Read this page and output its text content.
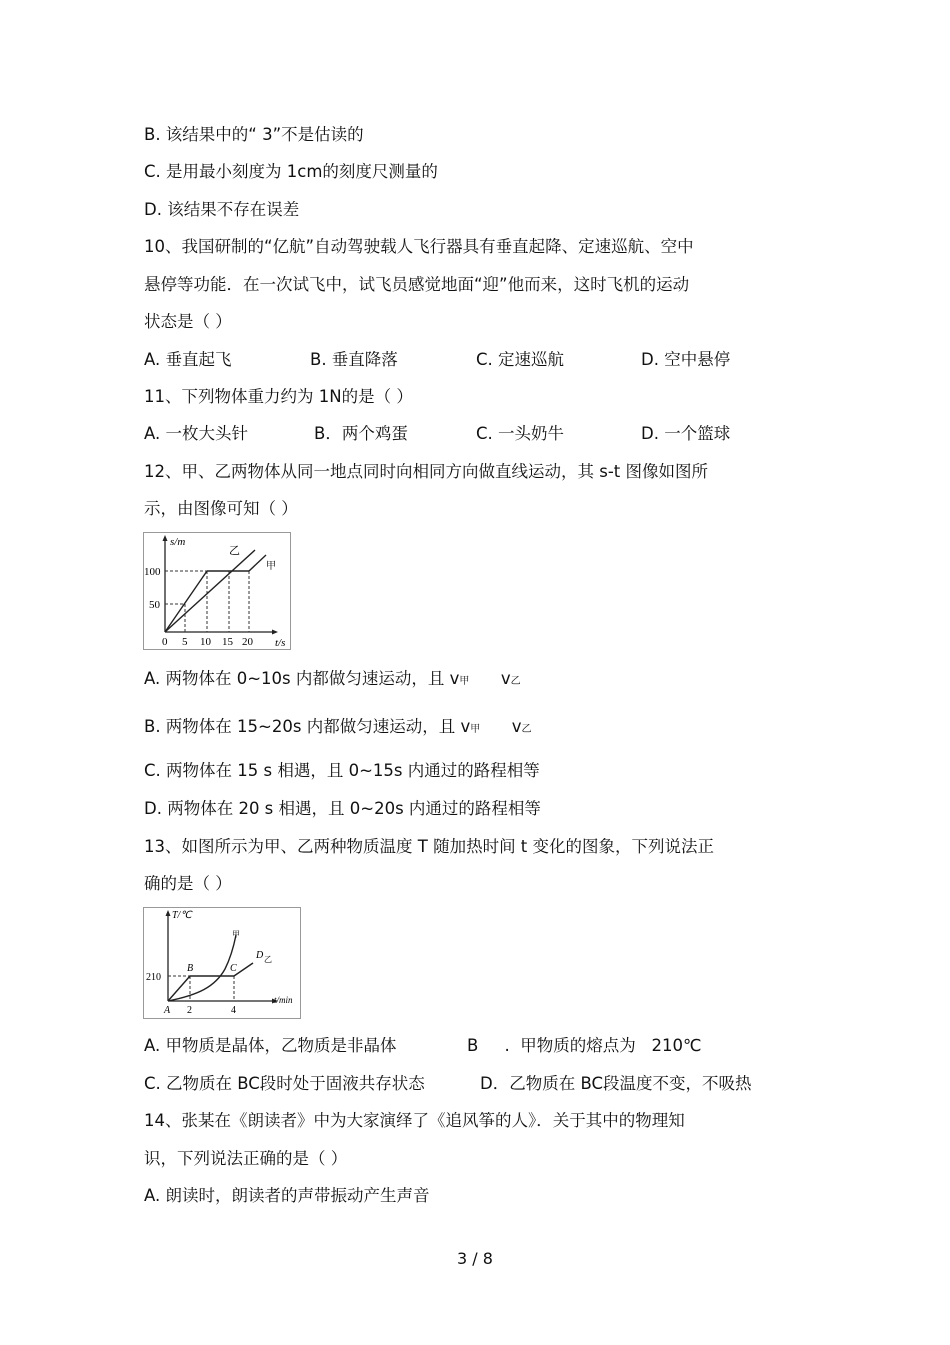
B. 该结果中的“ 3”不是估读的
C. 是用最小刻度为 1cm的刻度尺测量的
D. 该结果不存在误差
10、我国研制的“亿航”自动驾驶载人飞行器具有垂直起降、定速巡航、空中
悬停等功能．在一次试飞中，试飞员感觉地面“迎”他而来，这时飞机的运动
状态是（ ）
A. 垂直起飞	B. 垂直降落	C. 定速巡航	D. 空中悬停
11、下列物体重力约为 1N的是（ ）
A. 一枚大头针	B．两个鸡蛋	C. 一头奶牛	D. 一个篮球
12、甲、乙两物体从同一地点同时向相同方向做直线运动，其 s-t 图像如图所
示，由图像可知（ ）
s/m
t/s
100
50
0 5 10 15 20
乙
甲
A. 两物体在 0~10s 内都做匀速运动，且 v甲      v乙
B. 两物体在 15~20s 内都做匀速运动，且 v甲      v乙
C. 两物体在 15 s 相遇，且 0~15s 内通过的路程相等
D. 两物体在 20 s 相遇，且 0~20s 内通过的路程相等
13、如图所示为甲、乙两种物质温度 T 随加热时间 t 变化的图象，下列说法正
确的是（ ）
T/℃
t/min
210
2	4
A
B	C
D
甲
乙
A. 甲物质是晶体，乙物质是非晶体	B     .  甲物质的熔点为   210℃
C. 乙物质在 BC段时处于固液共存状态	D．乙物质在 BC段温度不变，不吸热
14、张某在《朗读者》中为大家演绎了《追风筝的人》．关于其中的物理知
识，下列说法正确的是（ ）
A. 朗读时，朗读者的声带振动产生声音
3 / 8
